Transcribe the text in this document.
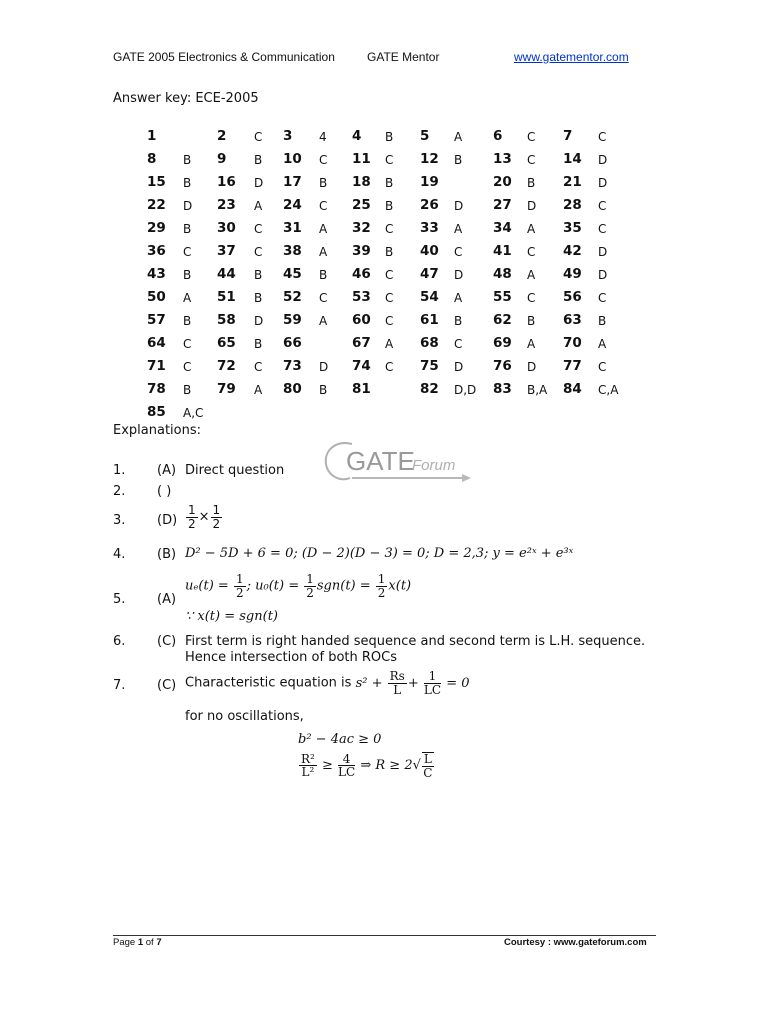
GATE 2005 Electronics & Communication	GATE Mentor	www.gatementor.com
Answer key: ECE-2005
1	2 C 3 4 4 B 5 A 6 C 7 C
8 B 9 B 10 C 11 C 12 B 13 C 14 D
15 B 16 D 17 B 18 B 19	20 B 21 D
22 D 23 A 24 C 25 B 26 D 27 D 28 C
29 B 30 C 31 A 32 C 33 A 34 A 35 C
36 C 37 C 38 A 39 B 40 C 41 C 42 D
43 B 44 B 45 B 46 C 47 D 48 A 49 D
50 A 51 B 52 C 53 C 54 A 55 C 56 C
57 B 58 D 59 A 60 C 61 B 62 B 63 B
64 C 65 B 66	67 A 68 C 69 A 70 A
71 C 72 C 73 D 74 C 75 D 76 D 77 C
78 B 79 A 80 B 81	82 D,D 83 B,A 84 C,A
85 A,C
Explanations:
GATE
Forum
1. (A) Direct question
2. ( )
3. $(D) \frac{1}{2} \times \frac{1}{2}$
4. (B) D² − 5D + 6 = 0; (D − 2)(D − 3) = 0; D = 2,3; y = e²ˣ + e³ˣ
5. (A)
$u_e(t) = \frac{1}{2}$ ; $u_0(t) = \frac{1}{2} sgn(t) = \frac{1}{2} x(t)$
∵ x(t) = sgn(t)
6. (C) First term is right handed sequence and second term is L.H. sequence.
Hence intersection of both ROCs
7. (C) Characteristic equation is $s^2 + \frac{Rs}{L} + \frac{1}{LC} = 0$
for no oscillations,
b² − 4ac ≥ 0
$\frac{\text{R²}}{\text{L²}} \ge \frac{4}{LC}$ ⇒ $R \ge 2√ \frac{L}{C}$
Page 1 of 7	Courtesy : www.gateforum.com
